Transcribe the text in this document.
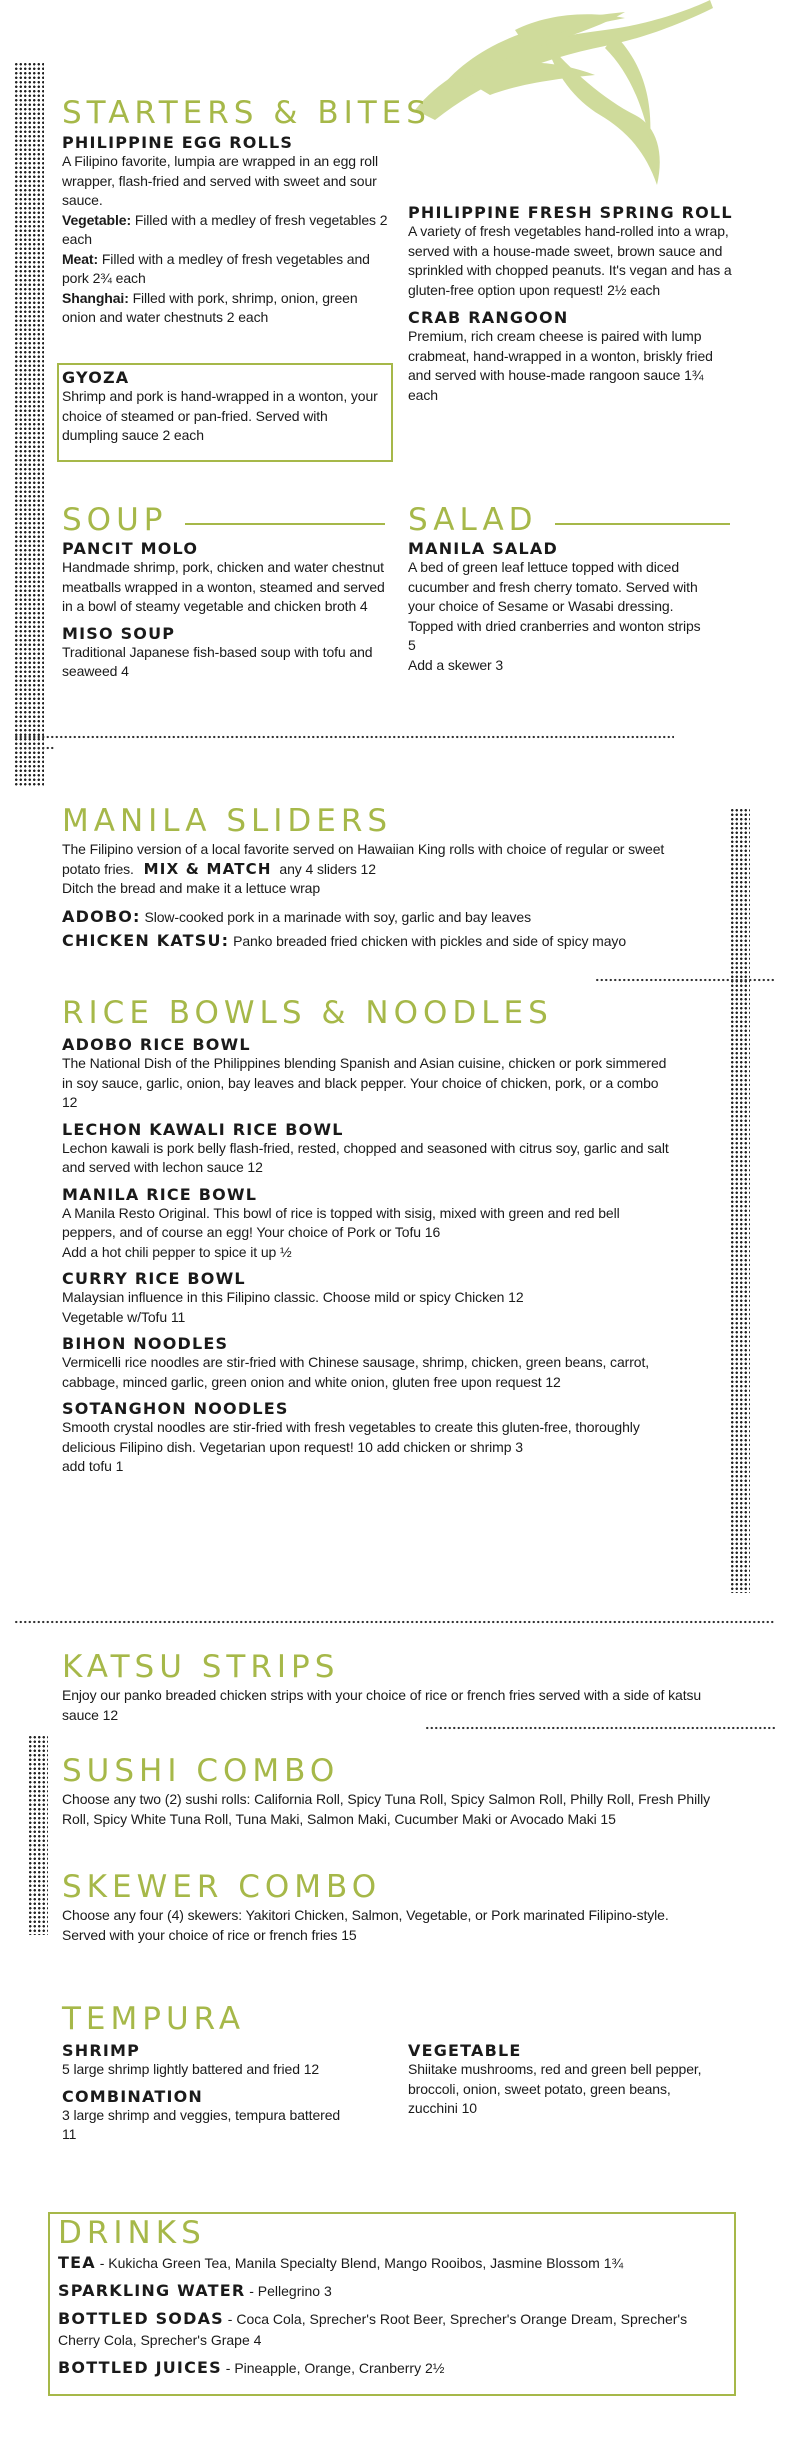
STARTERS & BITES
PHILIPPINE EGG ROLLS
A Filipino favorite, lumpia are wrapped in an egg roll wrapper, flash-fried and served with sweet and sour sauce.
Vegetable: Filled with a medley of fresh vegetables 2 each
Meat: Filled with a medley of fresh vegetables and pork 2¾ each
Shanghai: Filled with pork, shrimp, onion, green onion and water chestnuts 2 each
GYOZA
Shrimp and pork is hand-wrapped in a wonton, your choice of steamed or pan-fried. Served with dumpling sauce 2 each
PHILIPPINE FRESH SPRING ROLL
A variety of fresh vegetables hand-rolled into a wrap, served with a house-made sweet, brown sauce and sprinkled with chopped peanuts. It's vegan and has a gluten-free option upon request! 2½ each
CRAB RANGOON
Premium, rich cream cheese is paired with lump crabmeat, hand-wrapped in a wonton, briskly fried and served with house-made rangoon sauce 1¾ each
SOUP
PANCIT MOLO
Handmade shrimp, pork, chicken and water chestnut meatballs wrapped in a wonton, steamed and served in a bowl of steamy vegetable and chicken broth 4
MISO SOUP
Traditional Japanese fish-based soup with tofu and seaweed 4
SALAD
MANILA SALAD
A bed of green leaf lettuce topped with diced cucumber and fresh cherry tomato. Served with your choice of Sesame or Wasabi dressing. Topped with dried cranberries and wonton strips 5
Add a skewer 3
MANILA SLIDERS
The Filipino version of a local favorite served on Hawaiian King rolls with choice of regular or sweet potato fries. MIX & MATCH any 4 sliders 12
Ditch the bread and make it a lettuce wrap
ADOBO: Slow-cooked pork in a marinade with soy, garlic and bay leaves
CHICKEN KATSU: Panko breaded fried chicken with pickles and side of spicy mayo
RICE BOWLS & NOODLES
ADOBO RICE BOWL
The National Dish of the Philippines blending Spanish and Asian cuisine, chicken or pork simmered in soy sauce, garlic, onion, bay leaves and black pepper. Your choice of chicken, pork, or a combo 12
LECHON KAWALI RICE BOWL
Lechon kawali is pork belly flash-fried, rested, chopped and seasoned with citrus soy, garlic and salt and served with lechon sauce 12
MANILA RICE BOWL
A Manila Resto Original. This bowl of rice is topped with sisig, mixed with green and red bell peppers, and of course an egg! Your choice of Pork or Tofu 16
Add a hot chili pepper to spice it up ½
CURRY RICE BOWL
Malaysian influence in this Filipino classic. Choose mild or spicy Chicken 12
Vegetable w/Tofu 11
BIHON NOODLES
Vermicelli rice noodles are stir-fried with Chinese sausage, shrimp, chicken, green beans, carrot, cabbage, minced garlic, green onion and white onion, gluten free upon request 12
SOTANGHON NOODLES
Smooth crystal noodles are stir-fried with fresh vegetables to create this gluten-free, thoroughly delicious Filipino dish. Vegetarian upon request! 10 add chicken or shrimp 3
add tofu 1
KATSU STRIPS
Enjoy our panko breaded chicken strips with your choice of rice or french fries served with a side of katsu sauce 12
SUSHI COMBO
Choose any two (2) sushi rolls: California Roll, Spicy Tuna Roll, Spicy Salmon Roll, Philly Roll, Fresh Philly Roll, Spicy White Tuna Roll, Tuna Maki, Salmon Maki, Cucumber Maki or Avocado Maki 15
SKEWER COMBO
Choose any four (4) skewers: Yakitori Chicken, Salmon, Vegetable, or Pork marinated Filipino-style. Served with your choice of rice or french fries 15
TEMPURA
SHRIMP
5 large shrimp lightly battered and fried 12
COMBINATION
3 large shrimp and veggies, tempura battered 11
VEGETABLE
Shiitake mushrooms, red and green bell pepper, broccoli, onion, sweet potato, green beans, zucchini 10
DRINKS
TEA - Kukicha Green Tea, Manila Specialty Blend, Mango Rooibos, Jasmine Blossom 1¾
SPARKLING WATER - Pellegrino 3
BOTTLED SODAS - Coca Cola, Sprecher's Root Beer, Sprecher's Orange Dream, Sprecher's Cherry Cola, Sprecher's Grape 4
BOTTLED JUICES - Pineapple, Orange, Cranberry 2½
